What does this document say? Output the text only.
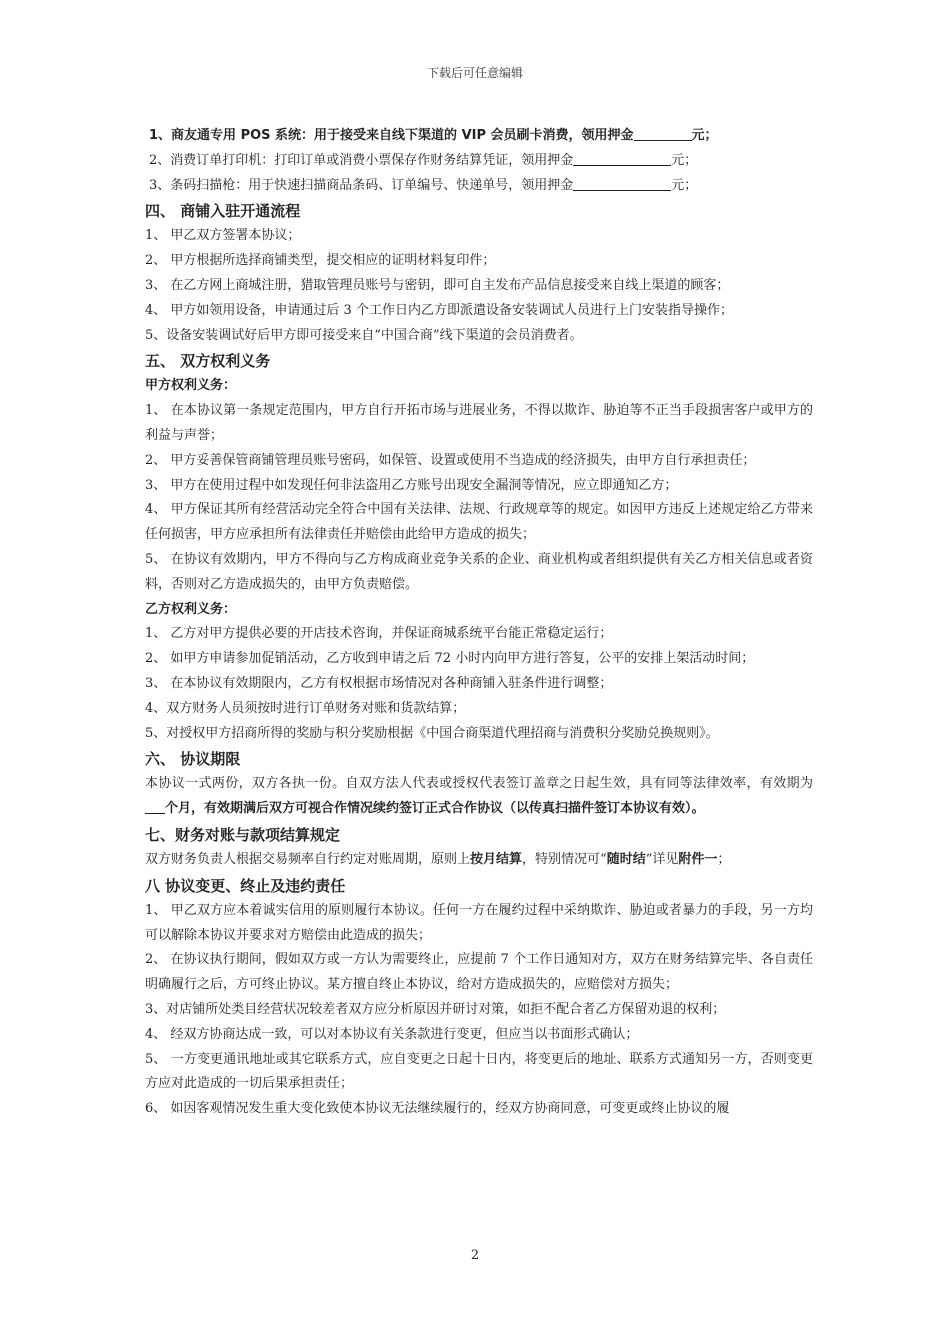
下载后可任意编辑
1、商友通专用 POS 系统：用于接受来自线下渠道的 VIP 会员刷卡消费，领用押金	元；
2、消费订单打印机：打印订单或消费小票保存作财务结算凭证，领用押金	元；
3、条码扫描枪：用于快速扫描商品条码、订单编号、快递单号，领用押金	元；
四、 商铺入驻开通流程
1、 甲乙双方签署本协议；
2、 甲方根据所选择商铺类型，提交相应的证明材料复印件；
3、 在乙方网上商城注册，猎取管理员账号与密钥，即可自主发布产品信息接受来自线上渠道的顾客；
4、 甲方如领用设备，申请通过后 3 个工作日内乙方即派遣设备安装调试人员进行上门安装指导操作；
5、设备安装调试好后甲方即可接受来自“中国合商”线下渠道的会员消费者。
五、 双方权利义务
甲方权利义务：
1、 在本协议第一条规定范围内，甲方自行开拓市场与进展业务，不得以欺诈、胁迫等不正当手段损害客户或甲方的利益与声誉；
2、 甲方妥善保管商铺管理员账号密码，如保管、设置或使用不当造成的经济损失，由甲方自行承担责任；
3、 甲方在使用过程中如发现任何非法盗用乙方账号出现安全漏洞等情况，应立即通知乙方；
4、 甲方保证其所有经营活动完全符合中国有关法律、法规、行政规章等的规定。如因甲方违反上述规定给乙方带来任何损害，甲方应承担所有法律责任并赔偿由此给甲方造成的损失；
5、 在协议有效期内，甲方不得向与乙方构成商业竞争关系的企业、商业机构或者组织提供有关乙方相关信息或者资料，否则对乙方造成损失的，由甲方负责赔偿。
乙方权利义务：
1、 乙方对甲方提供必要的开店技术咨询，并保证商城系统平台能正常稳定运行；
2、 如甲方申请参加促销活动，乙方收到申请之后 72 小时内向甲方进行答复，公平的安排上架活动时间；
3、 在本协议有效期限内，乙方有权根据市场情况对各种商铺入驻条件进行调整；
4、双方财务人员须按时进行订单财务对账和货款结算；
5、对授权甲方招商所得的奖励与积分奖励根据《中国合商渠道代理招商与消费积分奖励兑换规则》。
六、 协议期限
本协议一式两份，双方各执一份。自双方法人代表或授权代表签订盖章之日起生效，具有同等法律效率，有效期为个月，有效期满后双方可视合作情况续约签订正式合作协议（以传真扫描件签订本协议有效）。
七、财务对账与款项结算规定
双方财务负责人根据交易频率自行约定对账周期，原则上按月结算，特别情况可“随时结”详见附件一；
八 协议变更、终止及违约责任
1、 甲乙双方应本着诚实信用的原则履行本协议。任何一方在履约过程中采纳欺诈、胁迫或者暴力的手段，另一方均可以解除本协议并要求对方赔偿由此造成的损失；
2、 在协议执行期间，假如双方或一方认为需要终止，应提前 7 个工作日通知对方，双方在财务结算完毕、各自责任明确履行之后，方可终止协议。某方擅自终止本协议，给对方造成损失的，应赔偿对方损失；
3、对店铺所处类目经营状况较差者双方应分析原因并研讨对策，如拒不配合者乙方保留劝退的权利；
4、 经双方协商达成一致，可以对本协议有关条款进行变更，但应当以书面形式确认；
5、 一方变更通讯地址或其它联系方式，应自变更之日起十日内，将变更后的地址、联系方式通知另一方，否则变更方应对此造成的一切后果承担责任；
6、 如因客观情况发生重大变化致使本协议无法继续履行的，经双方协商同意，可变更或终止协议的履
2
